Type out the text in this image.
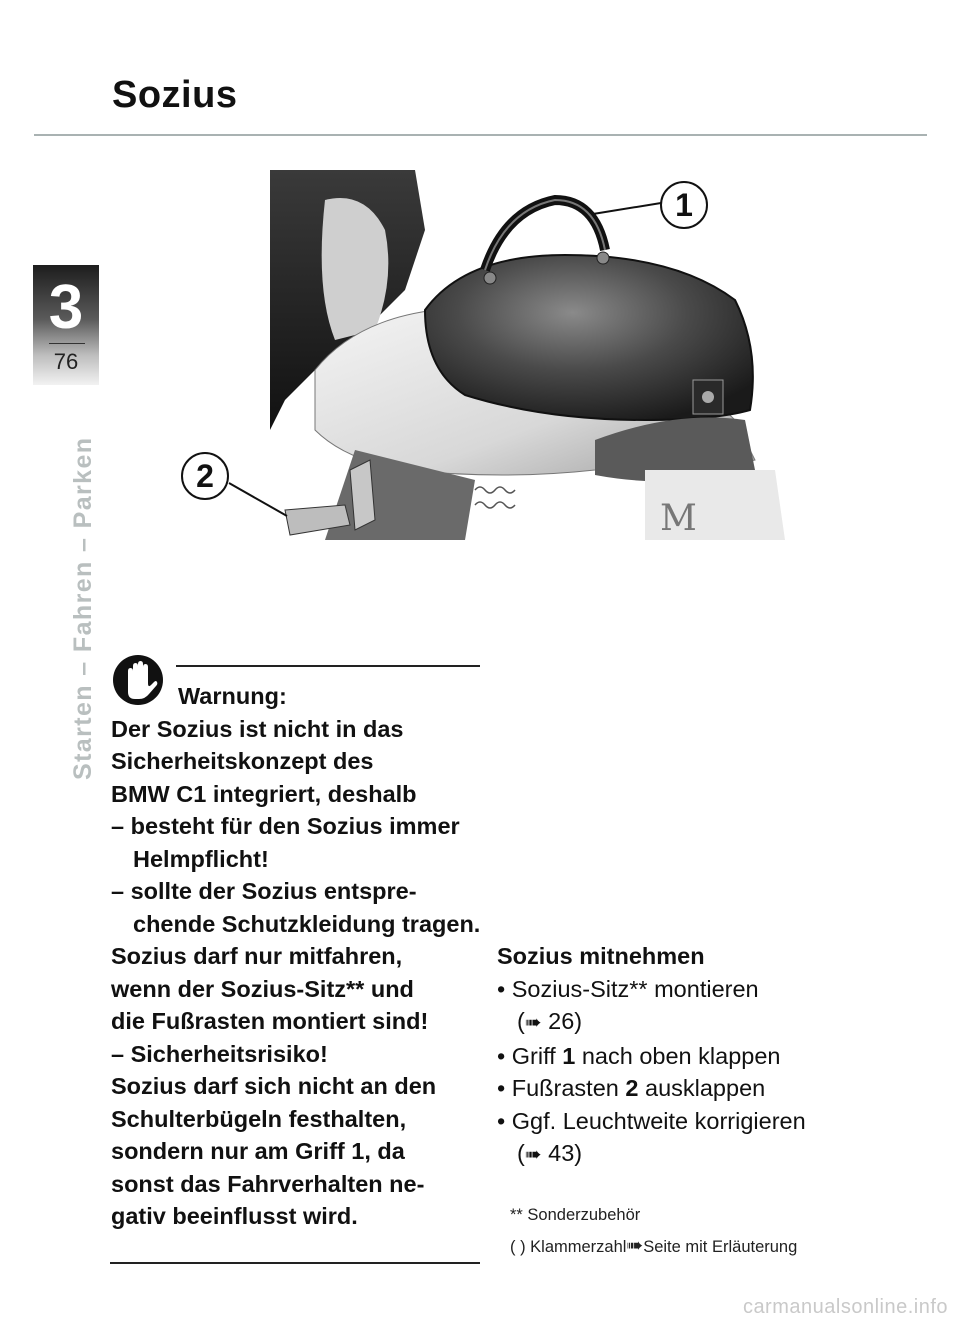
Sozius
3
76
Starten – Fahren – Parken	M
1
2

Warnung:

Der Sozius ist nicht in das

Sicherheitskonzept des

BMW C1 integriert, deshalb

– besteht für den Sozius immer Helmpflicht!

– sollte der Sozius entspre-chende Schutzkleidung tragen.

Sozius darf nur mitfahren,

wenn der Sozius-Sitz** und

die Fußrasten montiert sind!

– Sicherheitsrisiko!

Sozius darf sich nicht an den

Schulterbügeln festhalten,

sondern nur am Griff 1, da

sonst das Fahrverhalten ne-

gativ beeinflusst wird.

Sozius mitnehmen
• Sozius-Sitz** montieren
(➠ 26)
• Griff 1 nach oben klappen
• Fußrasten 2 ausklappen
• Ggf. Leuchtweite korrigieren
(➠ 43)

** Sonderzubehör

( ) Klammerzahl➠Seite mit Erläuterung

carmanualsonline.info
